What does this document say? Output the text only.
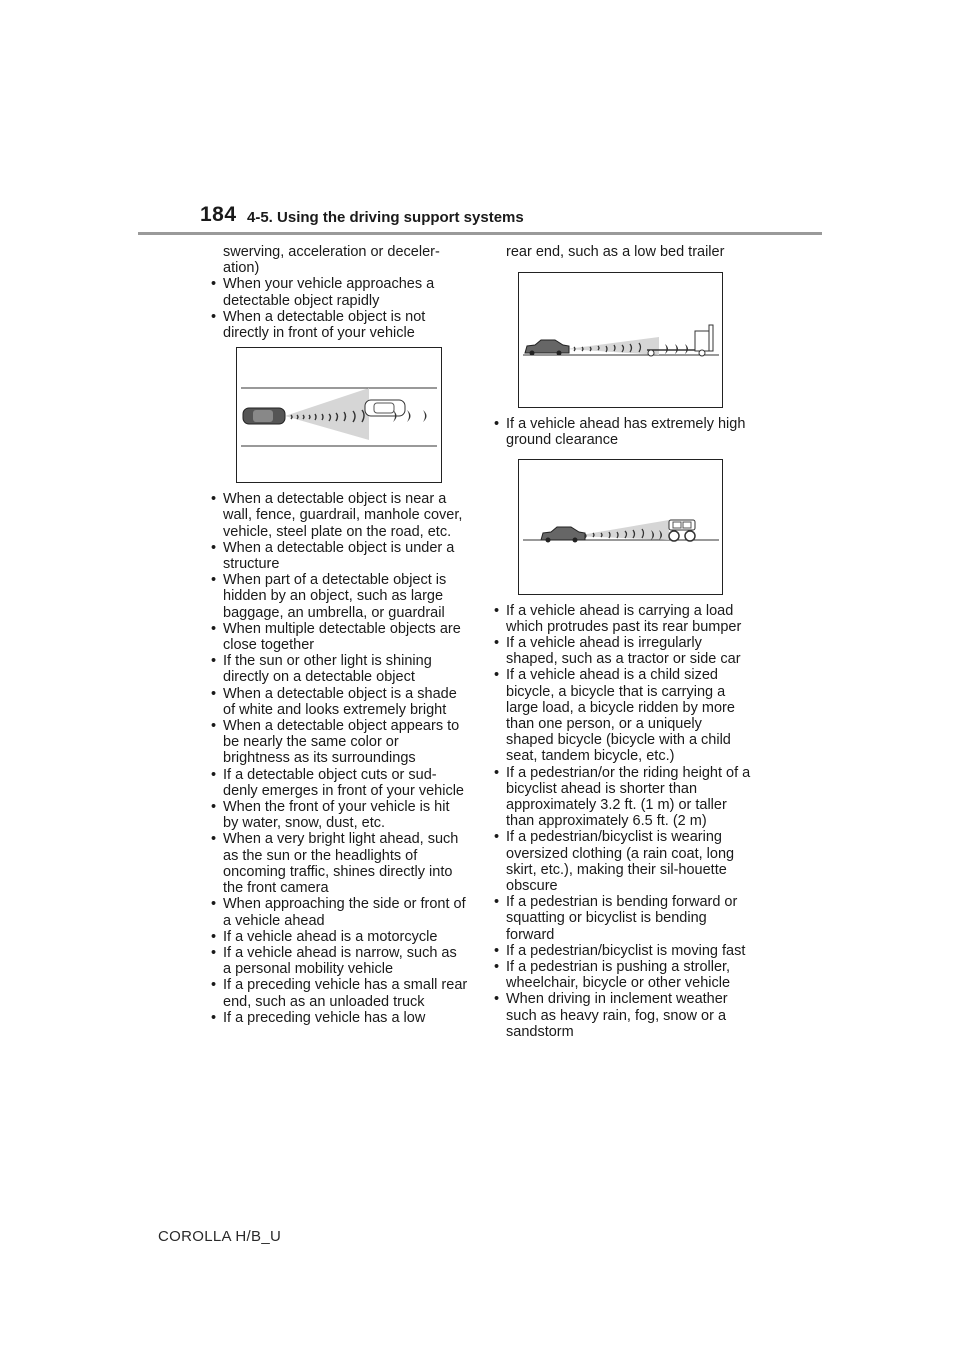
184 4-5. Using the driving support systems

swerving, acceleration or deceler-ation)

• When your vehicle approaches a detectable object rapidly
• When a detectable object is not directly in front of your vehicle
• When a detectable object is near a wall, fence, guardrail, manhole cover, vehicle, steel plate on the road, etc.
• When a detectable object is under a structure
• When part of a detectable object is hidden by an object, such as large baggage, an umbrella, or guardrail
• When multiple detectable objects are close together
• If the sun or other light is shining directly on a detectable object
• When a detectable object is a shade of white and looks extremely bright
• When a detectable object appears to be nearly the same color or brightness as its surroundings
• If a detectable object cuts or sud-denly emerges in front of your vehicle
• When the front of your vehicle is hit by water, snow, dust, etc.
• When a very bright light ahead, such as the sun or the headlights of oncoming traffic, shines directly into the front camera
• When approaching the side or front of a vehicle ahead
• If a vehicle ahead is a motorcycle
• If a vehicle ahead is narrow, such as a personal mobility vehicle
• If a preceding vehicle has a small rear end, such as an unloaded truck
• If a preceding vehicle has a low

rear end, such as a low bed trailer

• If a vehicle ahead has extremely high ground clearance
• If a vehicle ahead is carrying a load which protrudes past its rear bumper
• If a vehicle ahead is irregularly shaped, such as a tractor or side car
• If a vehicle ahead is a child sized bicycle, a bicycle that is carrying a large load, a bicycle ridden by more than one person, or a uniquely shaped bicycle (bicycle with a child seat, tandem bicycle, etc.)
• If a pedestrian/or the riding height of a bicyclist ahead is shorter than approximately 3.2 ft. (1 m) or taller than approximately 6.5 ft. (2 m)
• If a pedestrian/bicyclist is wearing oversized clothing (a rain coat, long skirt, etc.), making their sil-houette obscure
• If a pedestrian is bending forward or squatting or bicyclist is bending forward
• If a pedestrian/bicyclist is moving fast
• If a pedestrian is pushing a stroller, wheelchair, bicycle or other vehicle
• When driving in inclement weather such as heavy rain, fog, snow or a sandstorm
COROLLA H/B_U
